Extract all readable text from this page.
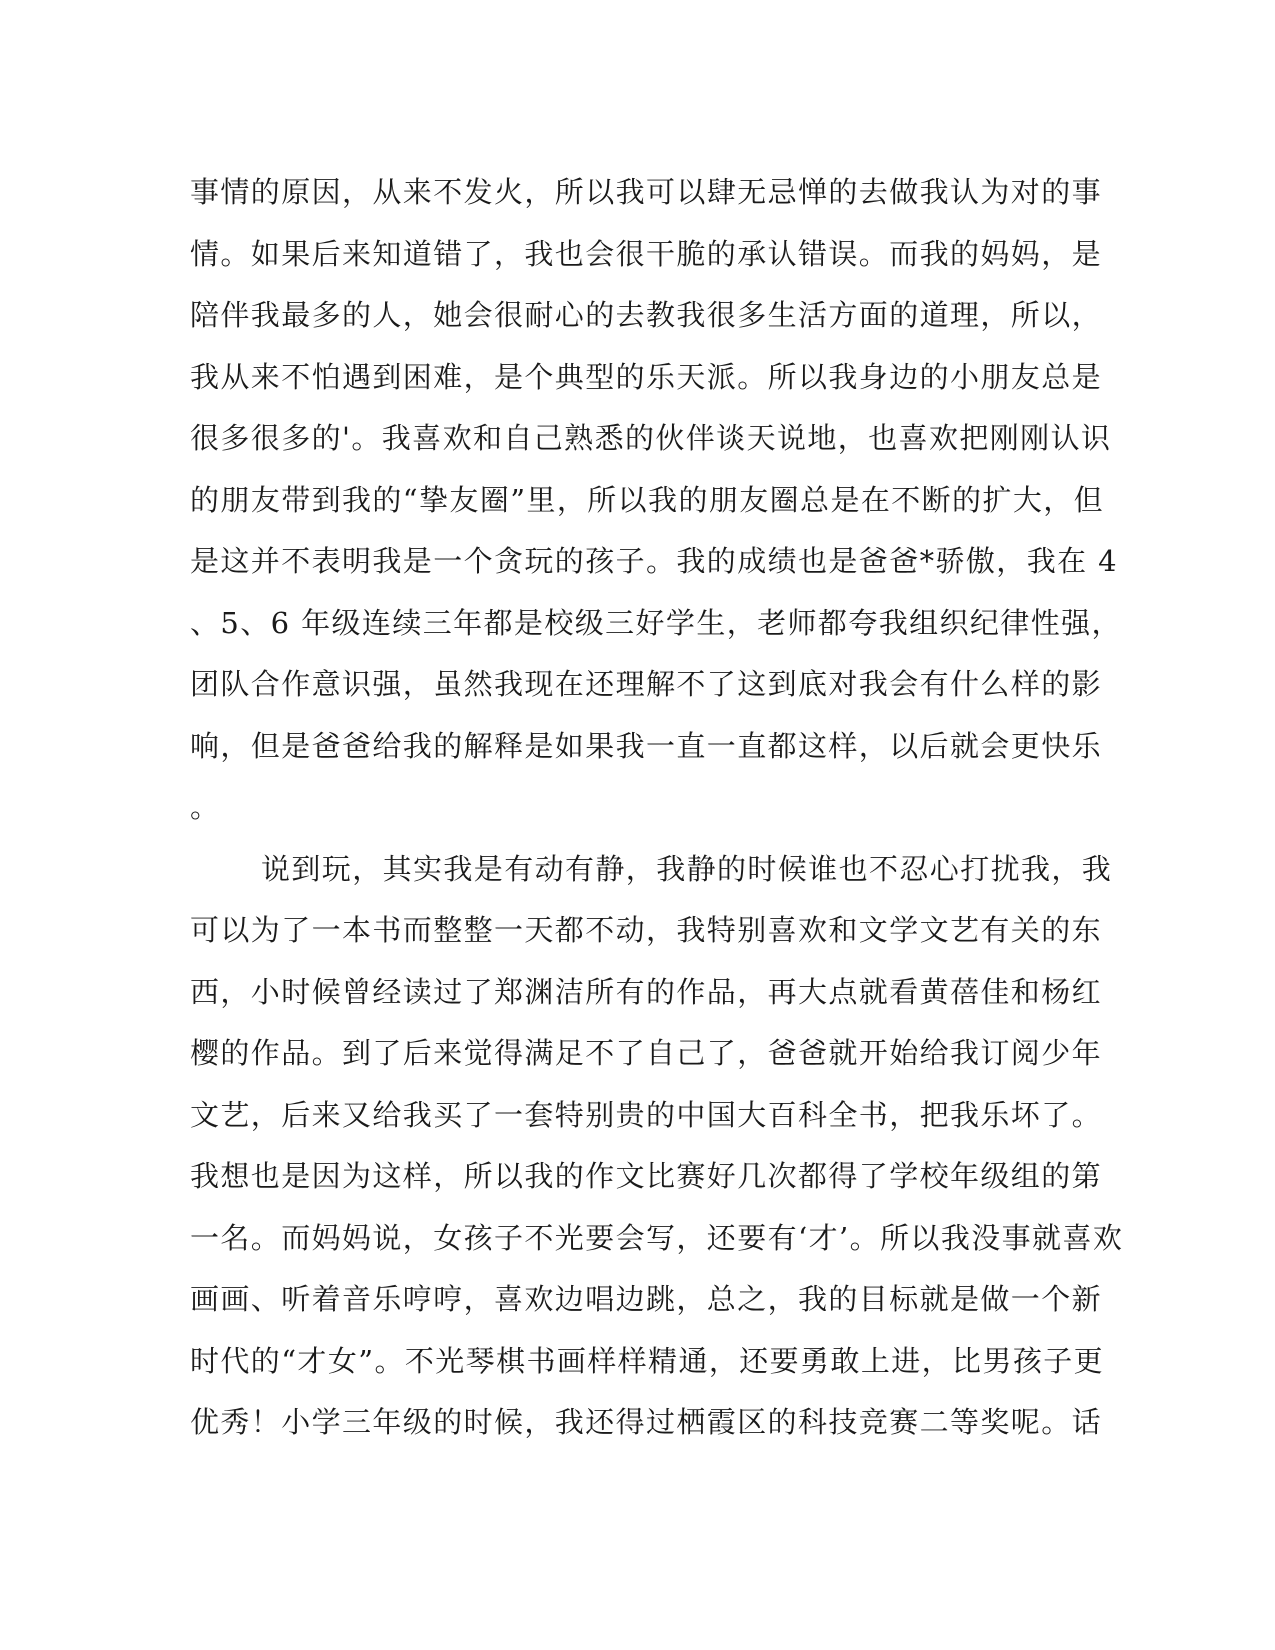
事情的原因，从来不发火，所以我可以肆无忌惮的去做我认为对的事
情。如果后来知道错了，我也会很干脆的承认错误。而我的妈妈，是
陪伴我最多的人，她会很耐心的去教我很多生活方面的道理，所以，
我从来不怕遇到困难，是个典型的乐天派。所以我身边的小朋友总是
很多很多的'。我喜欢和自己熟悉的伙伴谈天说地，也喜欢把刚刚认识
的朋友带到我的“挚友圈”里，所以我的朋友圈总是在不断的扩大，但
是这并不表明我是一个贪玩的孩子。我的成绩也是爸爸*骄傲，我在 4
、5、6 年级连续三年都是校级三好学生，老师都夸我组织纪律性强，
团队合作意识强，虽然我现在还理解不了这到底对我会有什么样的影
响，但是爸爸给我的解释是如果我一直一直都这样，以后就会更快乐
。
说到玩，其实我是有动有静，我静的时候谁也不忍心打扰我，我
可以为了一本书而整整一天都不动，我特别喜欢和文学文艺有关的东
西，小时候曾经读过了郑渊洁所有的作品，再大点就看黄蓓佳和杨红
樱的作品。到了后来觉得满足不了自己了，爸爸就开始给我订阅少年
文艺，后来又给我买了一套特别贵的中国大百科全书，把我乐坏了。
我想也是因为这样，所以我的作文比赛好几次都得了学校年级组的第
一名。而妈妈说，女孩子不光要会写，还要有‘才’。所以我没事就喜欢
画画、听着音乐哼哼，喜欢边唱边跳，总之，我的目标就是做一个新
时代的“才女”。不光琴棋书画样样精通，还要勇敢上进，比男孩子更
优秀！小学三年级的时候，我还得过栖霞区的科技竞赛二等奖呢。话
